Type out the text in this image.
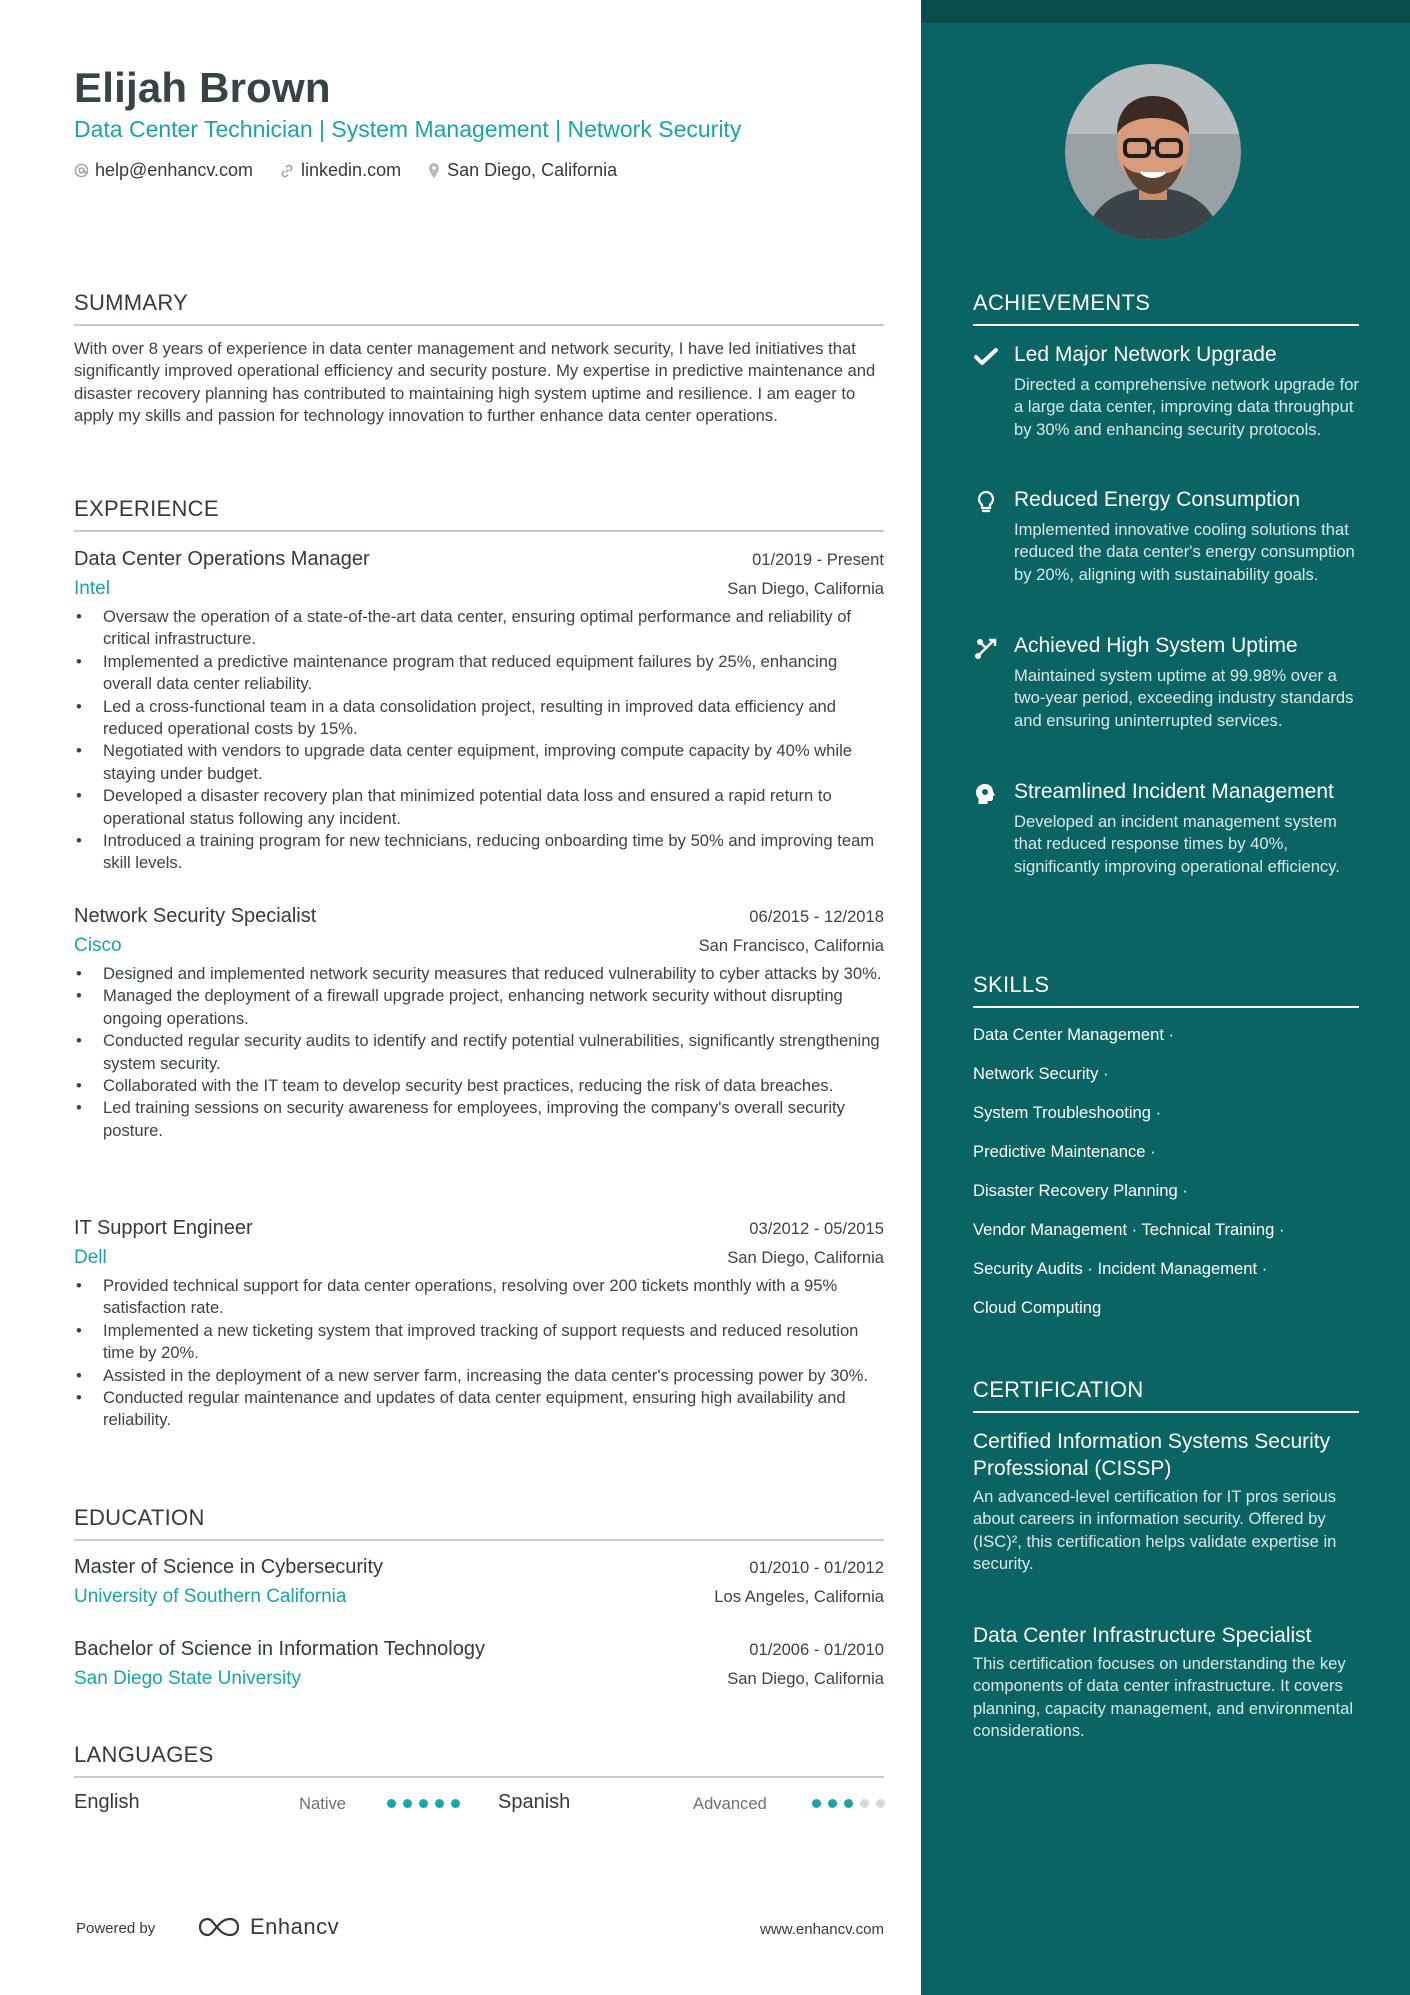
Elijah Brown
Data Center Technician | System Management | Network Security
help@enhancv.com	linkedin.com	San Diego, California
SUMMARY
With over 8 years of experience in data center management and network security, I have led initiatives that significantly improved operational efficiency and security posture. My expertise in predictive maintenance and disaster recovery planning has contributed to maintaining high system uptime and resilience. I am eager to apply my skills and passion for technology innovation to further enhance data center operations.
EXPERIENCE
Data Center Operations Manager	01/2019 - Present
Intel	San Diego, California
• Oversaw the operation of a state-of-the-art data center, ensuring optimal performance and reliability of critical infrastructure.
• Implemented a predictive maintenance program that reduced equipment failures by 25%, enhancing overall data center reliability.
• Led a cross-functional team in a data consolidation project, resulting in improved data efficiency and reduced operational costs by 15%.
• Negotiated with vendors to upgrade data center equipment, improving compute capacity by 40% while staying under budget.
• Developed a disaster recovery plan that minimized potential data loss and ensured a rapid return to operational status following any incident.
• Introduced a training program for new technicians, reducing onboarding time by 50% and improving team skill levels.
Network Security Specialist	06/2015 - 12/2018
Cisco	San Francisco, California
• Designed and implemented network security measures that reduced vulnerability to cyber attacks by 30%.
• Managed the deployment of a firewall upgrade project, enhancing network security without disrupting ongoing operations.
• Conducted regular security audits to identify and rectify potential vulnerabilities, significantly strengthening system security.
• Collaborated with the IT team to develop security best practices, reducing the risk of data breaches.
• Led training sessions on security awareness for employees, improving the company's overall security posture.
IT Support Engineer	03/2012 - 05/2015
Dell	San Diego, California
• Provided technical support for data center operations, resolving over 200 tickets monthly with a 95% satisfaction rate.
• Implemented a new ticketing system that improved tracking of support requests and reduced resolution time by 20%.
• Assisted in the deployment of a new server farm, increasing the data center's processing power by 30%.
• Conducted regular maintenance and updates of data center equipment, ensuring high availability and reliability.
EDUCATION
Master of Science in Cybersecurity	01/2010 - 01/2012
University of Southern California	Los Angeles, California
Bachelor of Science in Information Technology	01/2006 - 01/2010
San Diego State University	San Diego, California
LANGUAGES
English	Native	Spanish	Advanced
Powered by	Enhancv	www.enhancv.com
ACHIEVEMENTS
Led Major Network Upgrade
Directed a comprehensive network upgrade for a large data center, improving data throughput by 30% and enhancing security protocols.
Reduced Energy Consumption
Implemented innovative cooling solutions that reduced the data center's energy consumption by 20%, aligning with sustainability goals.
Achieved High System Uptime
Maintained system uptime at 99.98% over a two-year period, exceeding industry standards and ensuring uninterrupted services.
Streamlined Incident Management
Developed an incident management system that reduced response times by 40%, significantly improving operational efficiency.
SKILLS
Data Center Management ·
Network Security ·
System Troubleshooting ·
Predictive Maintenance ·
Disaster Recovery Planning ·
Vendor Management · Technical Training ·
Security Audits · Incident Management ·
Cloud Computing
CERTIFICATION
Certified Information Systems Security Professional (CISSP)
An advanced-level certification for IT pros serious about careers in information security. Offered by (ISC)², this certification helps validate expertise in security.
Data Center Infrastructure Specialist
This certification focuses on understanding the key components of data center infrastructure. It covers planning, capacity management, and environmental considerations.
